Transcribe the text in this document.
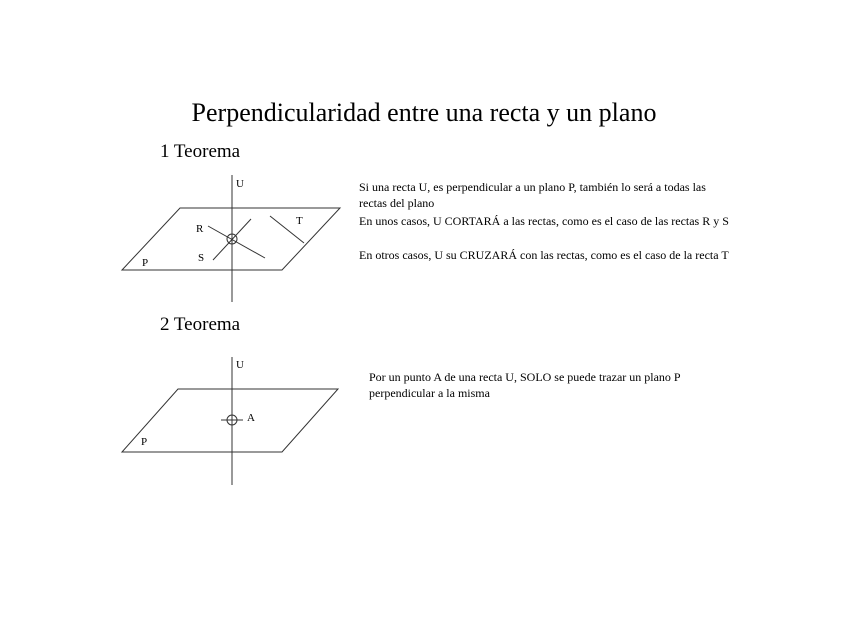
Perpendicularidad entre una recta y un plano
1 Teorema
U
R
S
T
P

Si una recta U, es perpendicular a un plano P, también lo será a todas las rectas del plano

En unos casos, U CORTARÁ a las rectas, como es el caso de las rectas R y S

En otros casos, U su CRUZARÁ con las rectas, como es el caso de la recta T

2 Teorema
U
A
P

Por un punto A de una recta U, SOLO se puede trazar un plano P perpendicular a la misma
